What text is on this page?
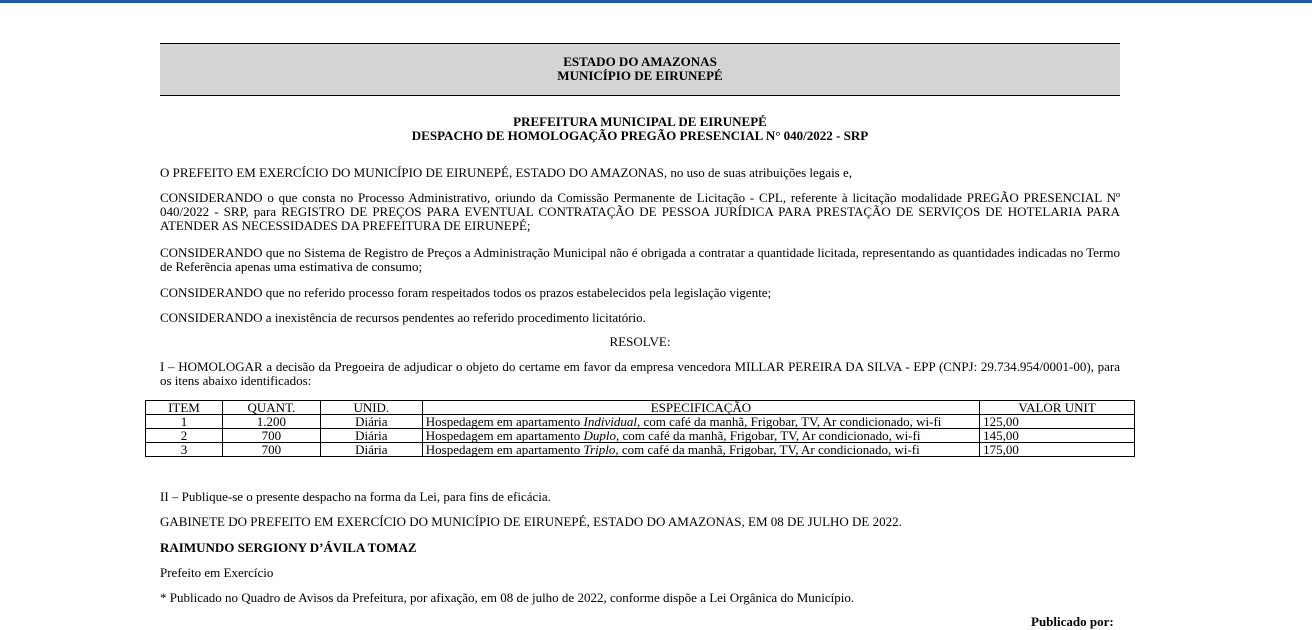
ESTADO DO AMAZONAS
MUNICÍPIO DE EIRUNEPÉ
PREFEITURA MUNICIPAL DE EIRUNEPÉ
DESPACHO DE HOMOLOGAÇÃO PREGÃO PRESENCIAL N° 040/2022 - SRP
O PREFEITO EM EXERCÍCIO DO MUNICÍPIO DE EIRUNEPÉ, ESTADO DO AMAZONAS, no uso de suas atribuições legais e,
CONSIDERANDO o que consta no Processo Administrativo, oriundo da Comissão Permanente de Licitação - CPL, referente à licitação modalidade PREGÃO PRESENCIAL Nº 040/2022 - SRP, para REGISTRO DE PREÇOS PARA EVENTUAL CONTRATAÇÃO DE PESSOA JURÍDICA PARA PRESTAÇÃO DE SERVIÇOS DE HOTELARIA PARA ATENDER AS NECESSIDADES DA PREFEITURA DE EIRUNEPÉ;
CONSIDERANDO que no Sistema de Registro de Preços a Administração Municipal não é obrigada a contratar a quantidade licitada, representando as quantidades indicadas no Termo de Referência apenas uma estimativa de consumo;
CONSIDERANDO que no referido processo foram respeitados todos os prazos estabelecidos pela legislação vigente;
CONSIDERANDO a inexistência de recursos pendentes ao referido procedimento licitatório.
RESOLVE:
I – HOMOLOGAR a decisão da Pregoeira de adjudicar o objeto do certame em favor da empresa vencedora MILLAR PEREIRA DA SILVA - EPP (CNPJ: 29.734.954/0001-00), para os itens abaixo identificados:
ITEM	QUANT.	UNID.	ESPECIFICAÇÃO	VALOR UNIT
1	1.200	Diária	Hospedagem em apartamento Individual, com café da manhã, Frigobar, TV, Ar condicionado, wi-fi	125,00
2	700	Diária	Hospedagem em apartamento Duplo, com café da manhã, Frigobar, TV, Ar condicionado, wi-fi	145,00
3	700	Diária	Hospedagem em apartamento Triplo, com café da manhã, Frigobar, TV, Ar condicionado, wi-fi	175,00
II – Publique-se o presente despacho na forma da Lei, para fins de eficácia.
GABINETE DO PREFEITO EM EXERCÍCIO DO MUNICÍPIO DE EIRUNEPÉ, ESTADO DO AMAZONAS, EM 08 DE JULHO DE 2022.
RAIMUNDO SERGIONY D’ÁVILA TOMAZ
Prefeito em Exercício
* Publicado no Quadro de Avisos da Prefeitura, por afixação, em 08 de julho de 2022, conforme dispõe a Lei Orgânica do Município.
Publicado por:
